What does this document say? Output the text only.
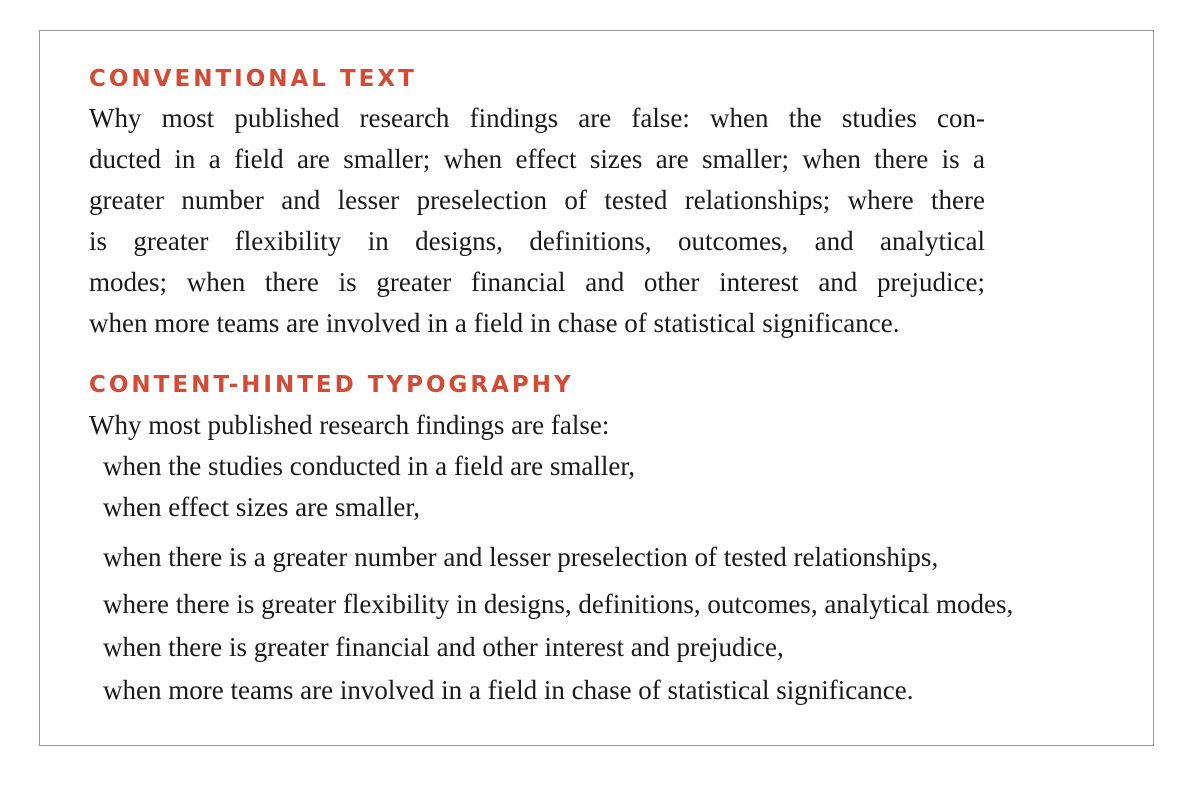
CONVENTIONAL TEXT
Why most published research findings are false: when the studies con-
ducted in a field are smaller; when effect sizes are smaller; when there is a
greater number and lesser preselection of tested relationships; where there
is greater flexibility in designs, definitions, outcomes, and analytical
modes; when there is greater financial and other interest and prejudice;
when more teams are involved in a field in chase of statistical significance.
CONTENT-HINTED TYPOGRAPHY
Why most published research findings are false:
when the studies conducted in a field are smaller,
when effect sizes are smaller,
when there is a greater number and lesser preselection of tested relationships,
where there is greater flexibility in designs, definitions, outcomes, analytical modes,
when there is greater financial and other interest and prejudice,
when more teams are involved in a field in chase of statistical significance.
